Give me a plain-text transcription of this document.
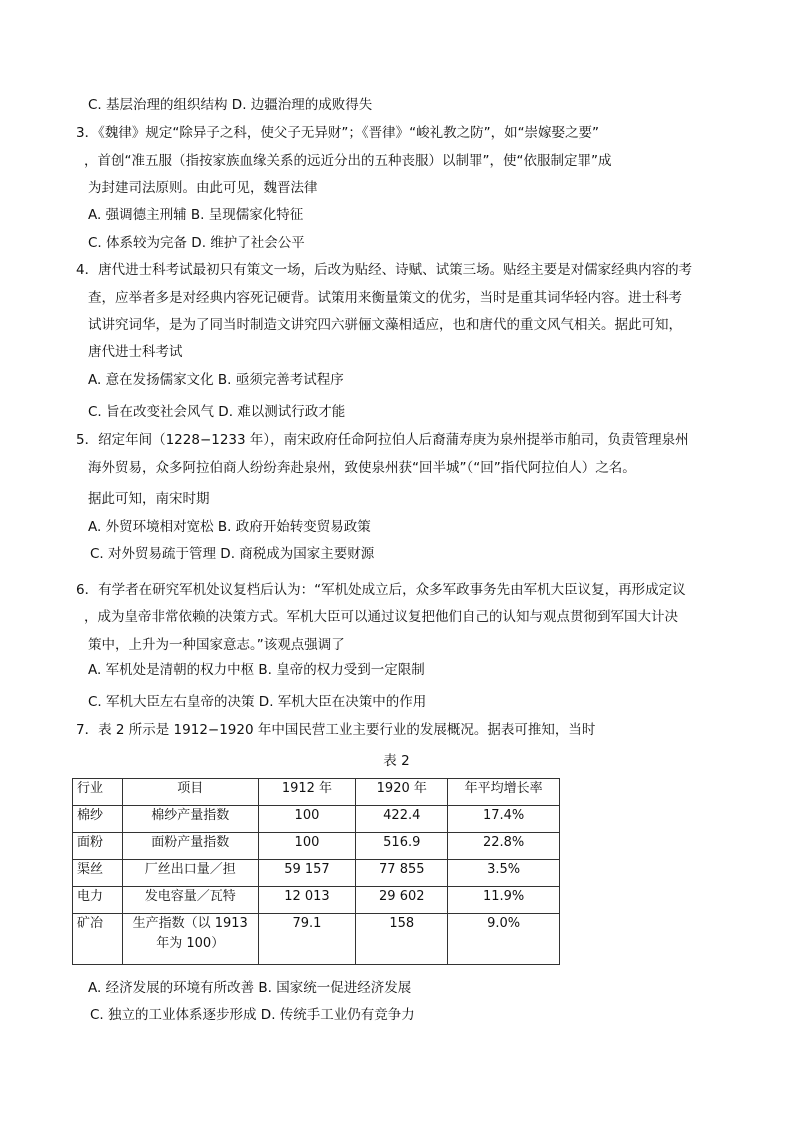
C. 基层治理的组织结构 D. 边疆治理的成败得失
3．《魏律》规定“除异子之科，使父子无异财”；《晋律》“峻礼教之防”，如“崇嫁娶之要”
，首创“准五服（指按家族血缘关系的远近分出的五种丧服）以制罪”，使“依服制定罪”成
为封建司法原则。由此可见，魏晋法律
A. 强调德主刑辅 B. 呈现儒家化特征
C. 体系较为完备 D. 维护了社会公平
4．唐代进士科考试最初只有策文一场，后改为贴经、诗赋、试策三场。贴经主要是对儒家经典内容的考
查，应举者多是对经典内容死记硬背。试策用来衡量策文的优劣，当时是重其词华轻内容。进士科考
试讲究词华，是为了同当时制造文讲究四六骈俪文藻相适应，也和唐代的重文风气相关。据此可知，
唐代进士科考试
A. 意在发扬儒家文化 B. 亟须完善考试程序
C. 旨在改变社会风气 D. 难以测试行政才能
5．绍定年间（1228−1233 年），南宋政府任命阿拉伯人后裔蒲寿庚为泉州提举市舶司，负责管理泉州
海外贸易，众多阿拉伯商人纷纷奔赴泉州，致使泉州获“回半城”（“回”指代阿拉伯人）之名。
据此可知，南宋时期
A. 外贸环境相对宽松 B. 政府开始转变贸易政策
C. 对外贸易疏于管理 D. 商税成为国家主要财源
6．有学者在研究军机处议复档后认为：“军机处成立后，众多军政事务先由军机大臣议复，再形成定议
，成为皇帝非常依赖的决策方式。军机大臣可以通过议复把他们自己的认知与观点贯彻到军国大计决
策中，上升为一种国家意志。”该观点强调了
A. 军机处是清朝的权力中枢 B. 皇帝的权力受到一定限制
C. 军机大臣左右皇帝的决策 D. 军机大臣在决策中的作用
7．表 2 所示是 1912−1920 年中国民营工业主要行业的发展概况。据表可推知，当时
表 2
行业	项目	1912 年	1920 年	年平均增长率
棉纱	棉纱产量指数	100	422.4	17.4%
面粉	面粉产量指数	100	516.9	22.8%
渠丝	厂丝出口量／担	59 157	77 855	3.5%
电力	发电容量／瓦特	12 013	29 602	11.9%
矿冶	生产指数（以 1913 年为 100）	79.1	158	9.0%
A. 经济发展的环境有所改善 B. 国家统一促进经济发展
C. 独立的工业体系逐步形成 D. 传统手工业仍有竞争力
